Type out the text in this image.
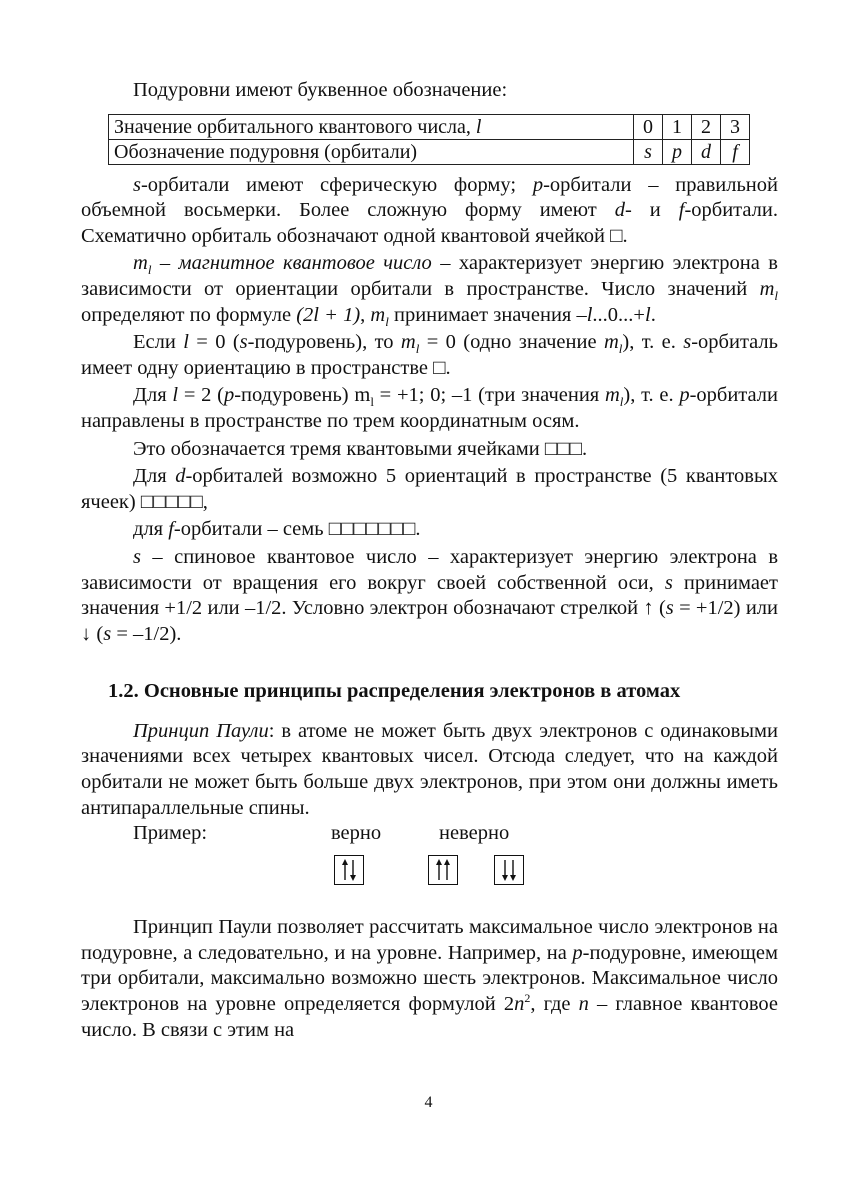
Подуровни имеют буквенное обозначение:

Значение орбитального квантового числа, l	0	1	2	3
Обозначение подуровня (орбитали)	s	p	d	f

s-орбитали имеют сферическую форму; p-орбитали – правильной объемной восьмерки. Более сложную форму имеют d- и f-орбитали. Схематично орбиталь обозначают одной квантовой ячейкой □.

$m_l$ – магнитное квантовое число – характеризует энергию электрона в зависимости от ориентации орбитали в пространстве. Число значений $m_l$ определяют по формуле (2l + 1), $m_l$ принимает значения –l...0...+l.

Если l = 0 (s-подуровень), то $m_l = 0$ (одно значение $m_l$), т. е. s-орбиталь имеет одну ориентацию в пространстве □.

Для l = 2 (p-подуровень) $m_l = +1$; 0; –1 (три значения $m_l$), т. е. p-орбитали направлены в пространстве по трем координатным осям.

Это обозначается тремя квантовыми ячейками □□□.

Для d-орбиталей возможно 5 ориентаций в пространстве (5 квантовых ячеек) □□□□□,

для f-орбитали – семь □□□□□□□.

s – спиновое квантовое число – характеризует энергию электрона в зависимости от вращения его вокруг своей собственной оси, s принимает значения +1/2 или –1/2. Условно электрон обозначают стрелкой ↑ (s = +1/2) или ↓ (s = –1/2).

1.2. Основные принципы распределения электронов в атомах

Принцип Паули: в атоме не может быть двух электронов с одинаковыми значениями всех четырех квантовых чисел. Отсюда следует, что на каждой орбитали не может быть больше двух электронов, при этом они должны иметь антипараллельные спины.

Пример:	верно	неверно

Принцип Паули позволяет рассчитать максимальное число электронов на подуровне, а следовательно, и на уровне. Например, на p-подуровне, имеющем три орбитали, максимально возможно шесть электронов. Максимальное число электронов на уровне определяется формулой $2n^2$, где n – главное квантовое число. В связи с этим на

4
